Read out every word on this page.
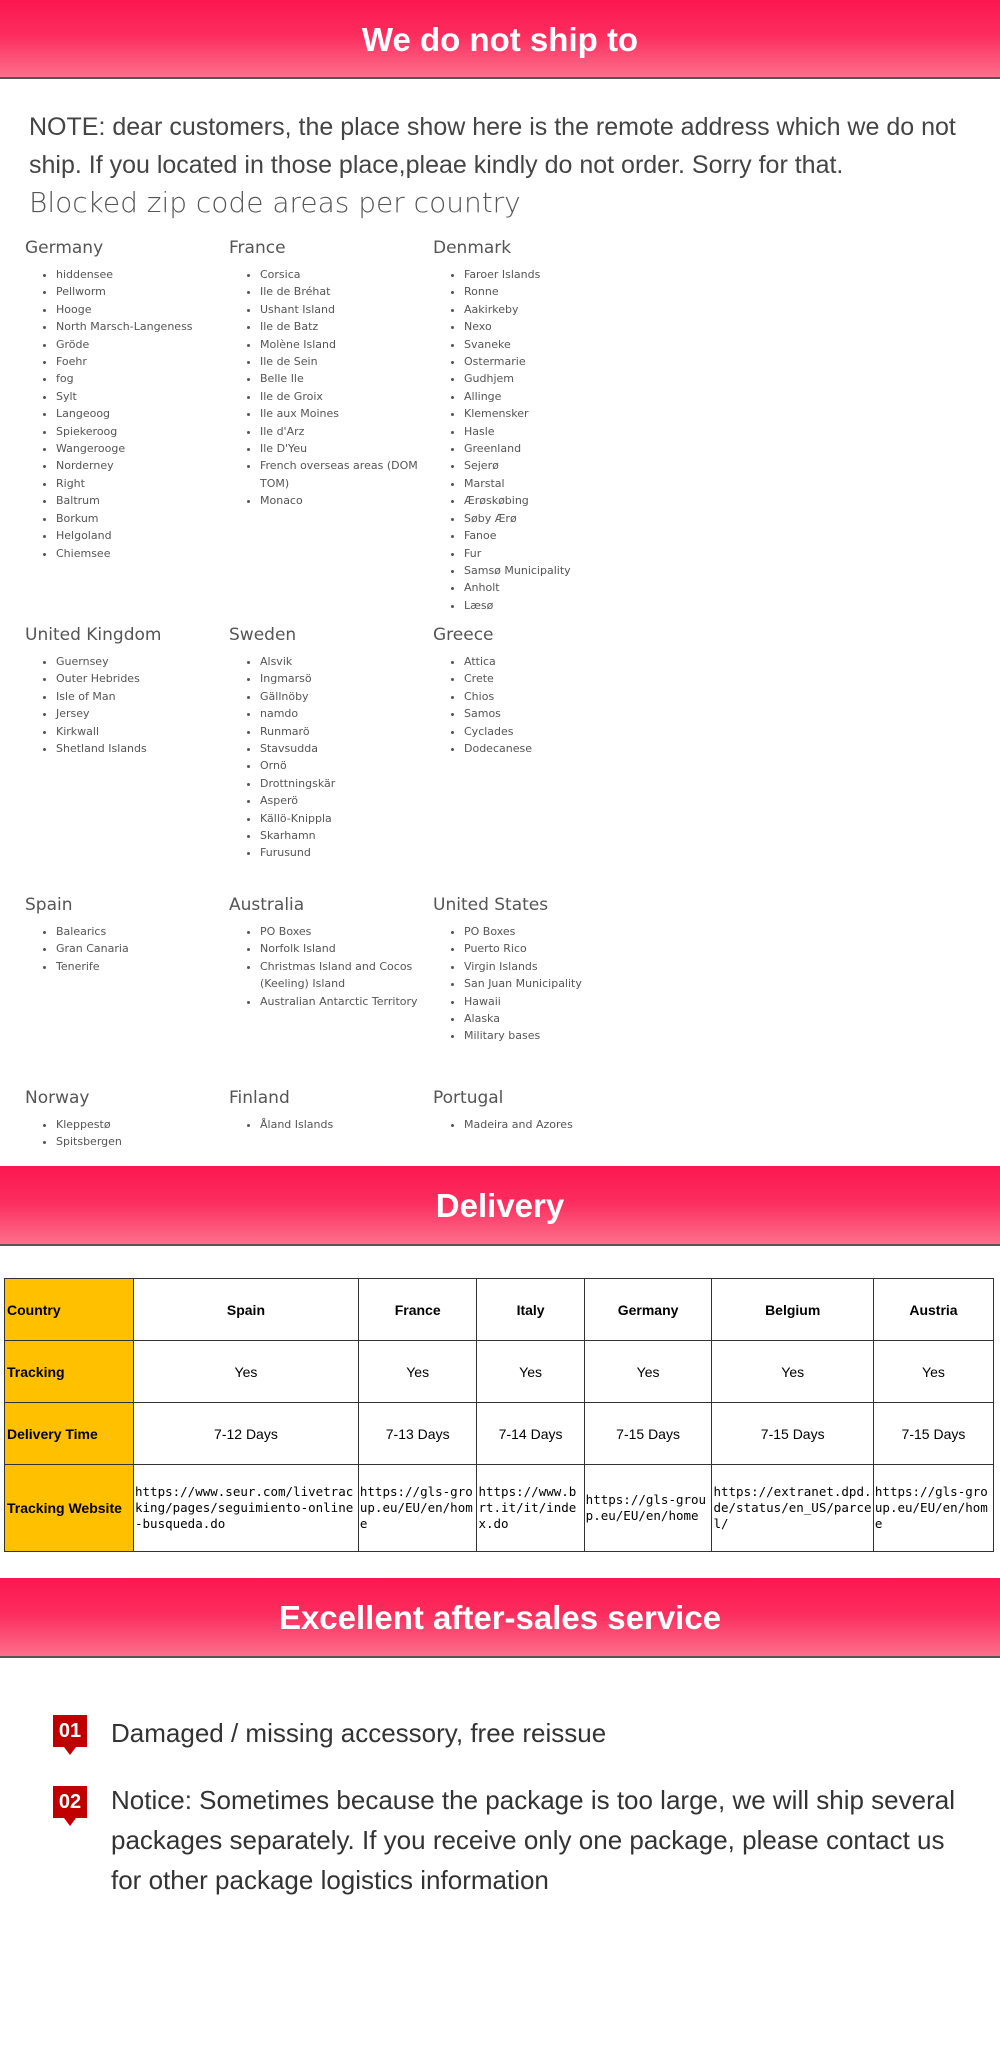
We do not ship to
NOTE: dear customers, the place show here is the remote address which we do not ship. If you located in those place,pleae kindly do not order. Sorry for that.
Blocked zip code areas per country
Germany
• hiddensee
• Pellworm
• Hooge
• North Marsch-Langeness
• Gröde
• Foehr
• fog
• Sylt
• Langeoog
• Spiekeroog
• Wangerooge
• Norderney
• Right
• Baltrum
• Borkum
• Helgoland
• Chiemsee
France
• Corsica
• Ile de Bréhat
• Ushant Island
• Ile de Batz
• Molène Island
• Ile de Sein
• Belle Ile
• Ile de Groix
• Ile aux Moines
• Ile d'Arz
• Ile D'Yeu
• French overseas areas (DOM TOM)
• Monaco
Denmark
• Faroer Islands
• Ronne
• Aakirkeby
• Nexo
• Svaneke
• Ostermarie
• Gudhjem
• Allinge
• Klemensker
• Hasle
• Greenland
• Sejerø
• Marstal
• Ærøskøbing
• Søby Ærø
• Fanoe
• Fur
• Samsø Municipality
• Anholt
• Læsø
United Kingdom
• Guernsey
• Outer Hebrides
• Isle of Man
• Jersey
• Kirkwall
• Shetland Islands
Sweden
• Alsvik
• Ingmarsö
• Gällnöby
• namdo
• Runmarö
• Stavsudda
• Ornö
• Drottningskär
• Asperö
• Källö-Knippla
• Skarhamn
• Furusund
Greece
• Attica
• Crete
• Chios
• Samos
• Cyclades
• Dodecanese
Spain
• Balearics
• Gran Canaria
• Tenerife
Australia
• PO Boxes
• Norfolk Island
• Christmas Island and Cocos (Keeling) Island
• Australian Antarctic Territory
United States
• PO Boxes
• Puerto Rico
• Virgin Islands
• San Juan Municipality
• Hawaii
• Alaska
• Military bases
Norway
• Kleppestø
• Spitsbergen
Finland
• Åland Islands
Portugal
• Madeira and Azores
Delivery
Country	Spain	France	Italy	Germany	Belgium	Austria
Tracking	Yes	Yes	Yes	Yes	Yes	Yes
Delivery Time	7-12 Days	7-13 Days	7-14 Days	7-15 Days	7-15 Days	7-15 Days
Tracking Website	https://www.seur.com/livetracking/pages/seguimiento-online-busqueda.do	https://gls-group.eu/EU/en/home	https://www.brt.it/it/index.do	https://gls-group.eu/EU/en/home	https://extranet.dpd.de/status/en_US/parcel/	https://gls-group.eu/EU/en/home
Excellent after-sales service
01 Damaged / missing accessory, free reissue
02 Notice: Sometimes because the package is too large, we will ship several packages separately. If you receive only one package, please contact us for other package logistics information
